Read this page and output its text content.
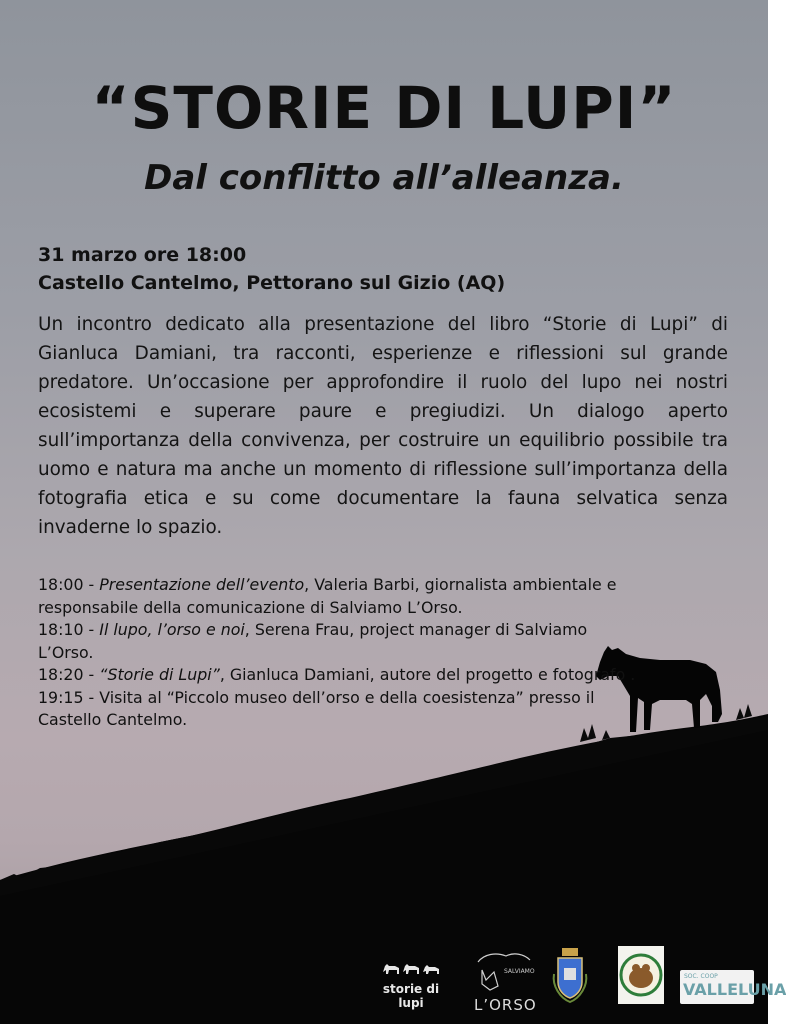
“STORIE DI LUPI”
Dal conflitto all’alleanza.
31 marzo ore 18:00
Castello Cantelmo, Pettorano sul Gizio (AQ)

Un incontro dedicato alla presentazione del libro “Storie di Lupi” di Gianluca Damiani, tra racconti, esperienze e riflessioni sul grande predatore. Un’occasione per approfondire il ruolo del lupo nei nostri ecosistemi e superare paure e pregiudizi. Un dialogo aperto sull’importanza della convivenza, per costruire un equilibrio possibile tra uomo e natura ma anche un momento di riflessione sull’importanza della fotografia etica e su come documentare la fauna selvatica senza invaderne lo spazio.

18:00 - Presentazione dell’evento, Valeria Barbi, giornalista ambientale e responsabile della comunicazione di Salviamo L’Orso.
18:10 - Il lupo, l’orso e noi, Serena Frau, project manager di Salviamo L’Orso.
18:20 - “Storie di Lupi”, Gianluca Damiani, autore del progetto e fotografo .
19:15 - Visita al “Piccolo museo dell’orso e della coesistenza” presso il Castello Cantelmo.
storie di lupi
SALVIAMO
L’ORSO
SOC. COOP
VALLELUNA
